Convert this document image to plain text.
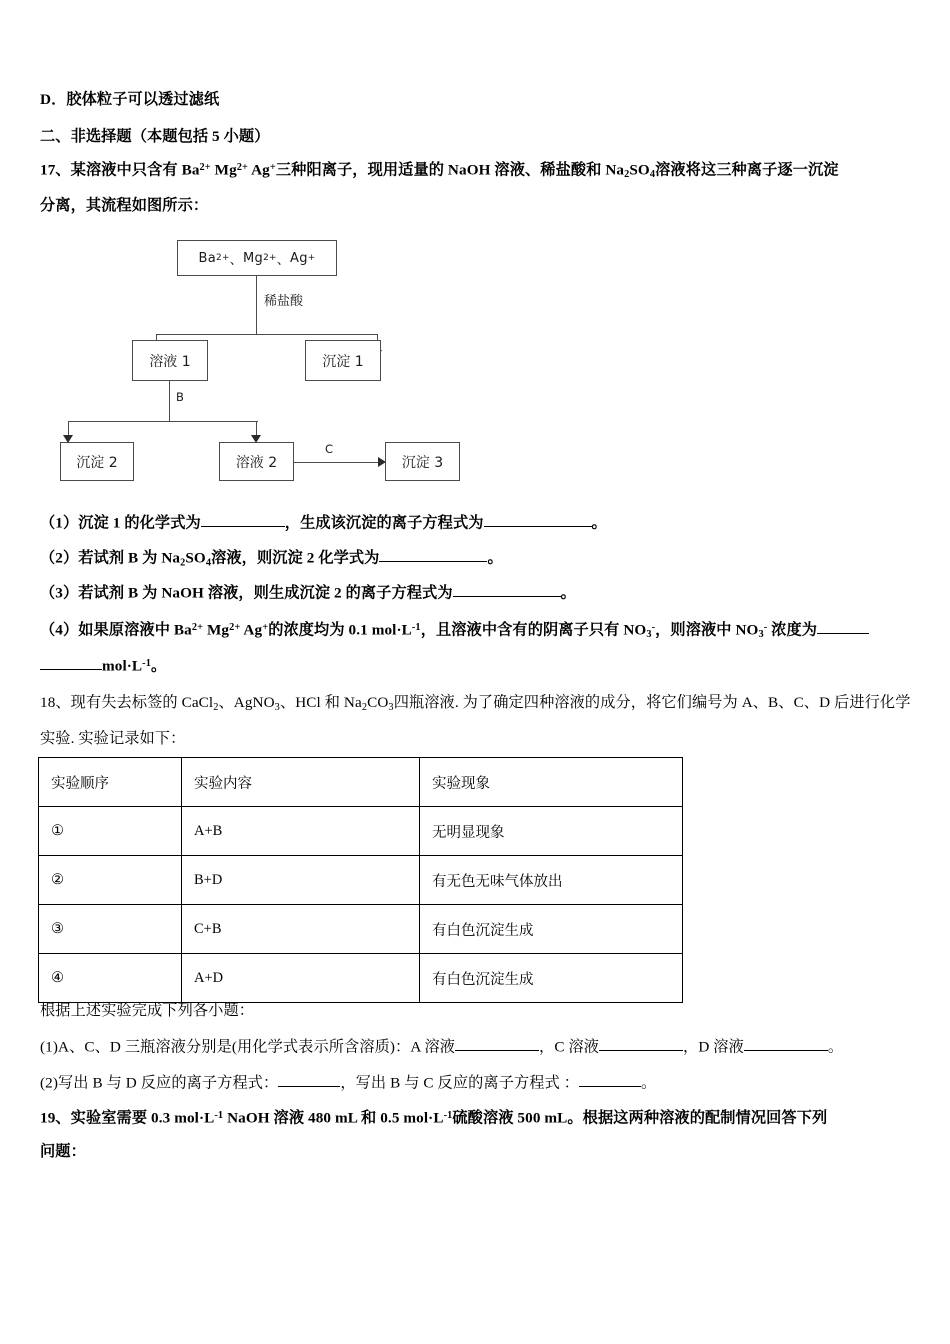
D．胶体粒子可以透过滤纸
二、非选择题（本题包括 5 小题）
17、某溶液中只含有 $Ba^{2+}$ $Mg^{2+}$ Ag+三种阳离子，现用适量的 NaOH 溶液、稀盐酸和 $Na_2SO_4$溶液将这三种离子逐一沉淀
分离，其流程如图所示：
Ba 2+ 、 Mg 2+ 、 Ag +
稀盐酸
溶液 1	沉淀 1
B
沉淀 2	溶液 2
C
沉淀 3
（1）沉淀 1 的化学式为	，生成该沉淀的离子方程式为	。
（2）若试剂 B 为 $Na_2SO_4$溶液，则沉淀 2 化学式为	。
（3）若试剂 B 为 NaOH 溶液，则生成沉淀 2 的离子方程式为	。
（4）如果原溶液中 $Ba^{2+}$ $Mg^{2+}$ Ag+的浓度均为 0.1 $mol\cdot L^{-1}$，且溶液中含有的阴离子只有 $NO_3^-$，则溶液中 $NO_3^-$ 浓度为
$mol\cdot L^{-1}$。
18、现有失去标签的 CaCl$_2$、AgNO$_3$、HCl 和 $Na_2CO_3$四瓶溶液. 为了确定四种溶液的成分，将它们编号为 A、B、C、D 后进行化学
实验. 实验记录如下：
实验顺序	实验内容	实验现象
①	A+B	无明显现象
②	B+D	有无色无味气体放出
③	C+B	有白色沉淀生成
④	A+D	有白色沉淀生成
根据上述实验完成下列各小题：
(1)A、C、D 三瓶溶液分别是(用化学式表示所含溶质)：A 溶液	，C 溶液	，D 溶液	。
(2)写出 B 与 D 反应的离子方程式：	，写出 B 与 C 反应的离子方程式 ：	。
19、实验室需要 0.3 $mol\cdot L^{-1}$ NaOH 溶液 480 mL 和 0.5 $mol\cdot L^{-1}$硫酸溶液 500 mL。根据这两种溶液的配制情况回答下列
问题：
